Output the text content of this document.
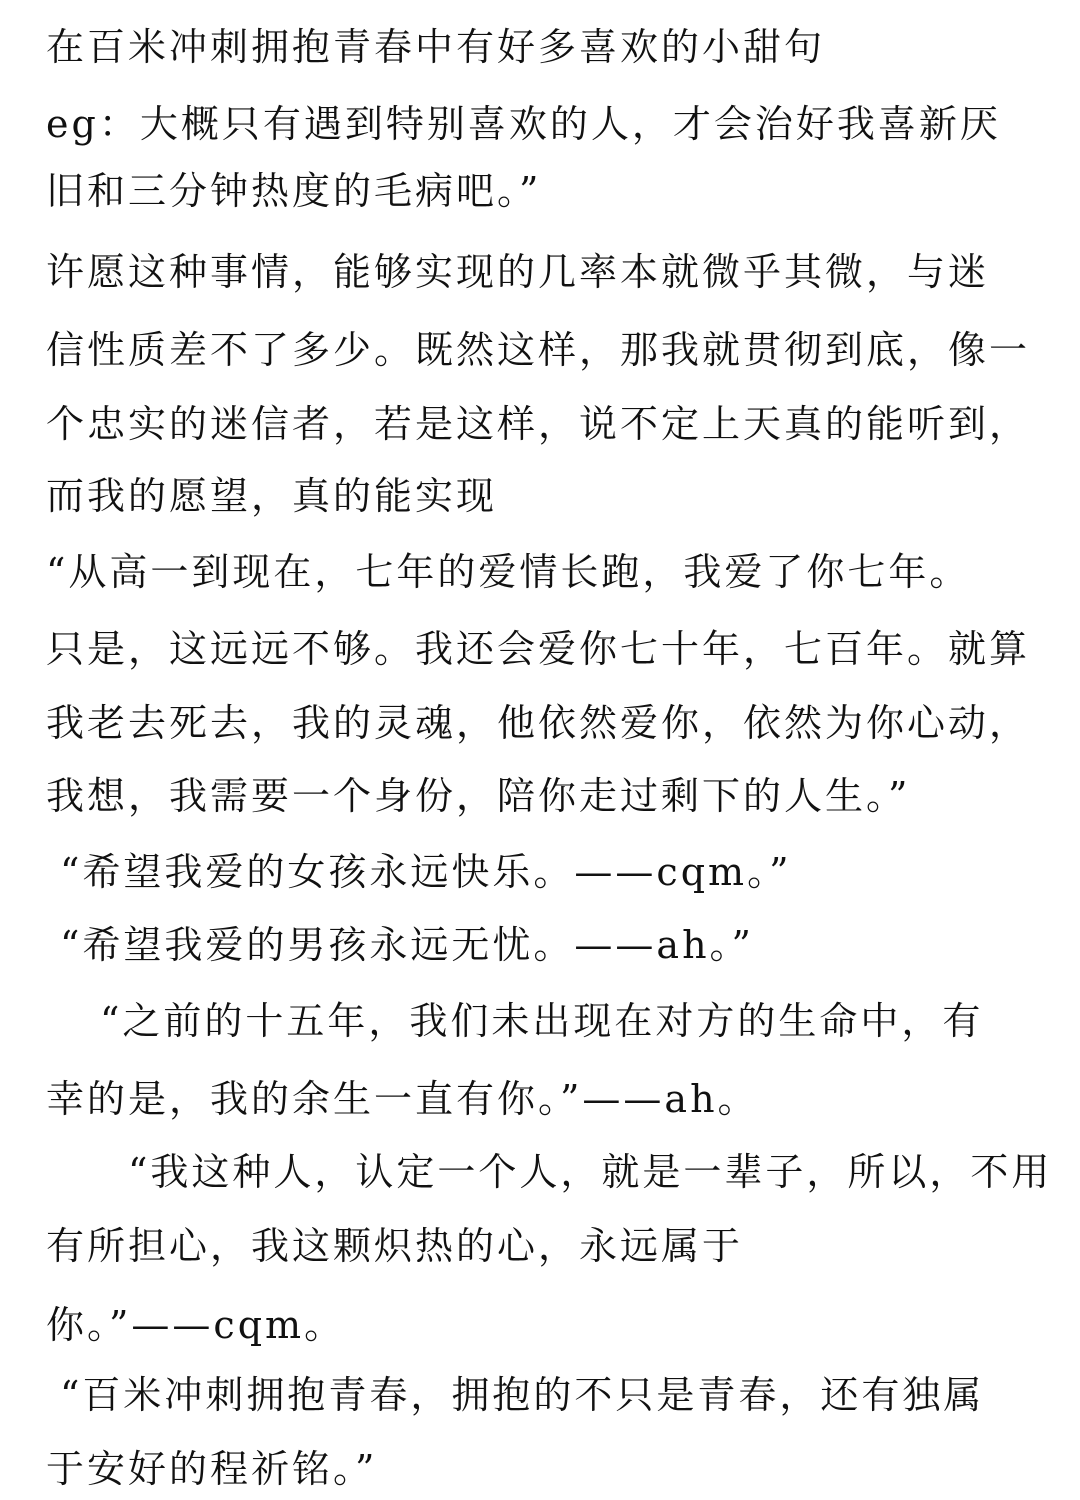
在百米冲刺拥抱青春中有好多喜欢的小甜句
eg：大概只有遇到特别喜欢的人，才会治好我喜新厌
旧和三分钟热度的毛病吧。”
许愿这种事情，能够实现的几率本就微乎其微，与迷
信性质差不了多少。既然这样，那我就贯彻到底，像一
个忠实的迷信者，若是这样，说不定上天真的能听到，
而我的愿望，真的能实现
“从高一到现在，七年的爱情长跑，我爱了你七年。
只是，这远远不够。我还会爱你七十年，七百年。就算
我老去死去，我的灵魂，他依然爱你，依然为你心动，
我想，我需要一个身份，陪你走过剩下的人生。”
“希望我爱的女孩永远快乐。——cqm。”
“希望我爱的男孩永远无忧。——ah。”
“之前的十五年，我们未出现在对方的生命中，有
幸的是，我的余生一直有你。”——ah。
“我这种人，认定一个人，就是一辈子，所以，不用
有所担心，我这颗炽热的心，永远属于
你。”——cqm。
“百米冲刺拥抱青春，拥抱的不只是青春，还有独属
于安好的程祈铭。”
